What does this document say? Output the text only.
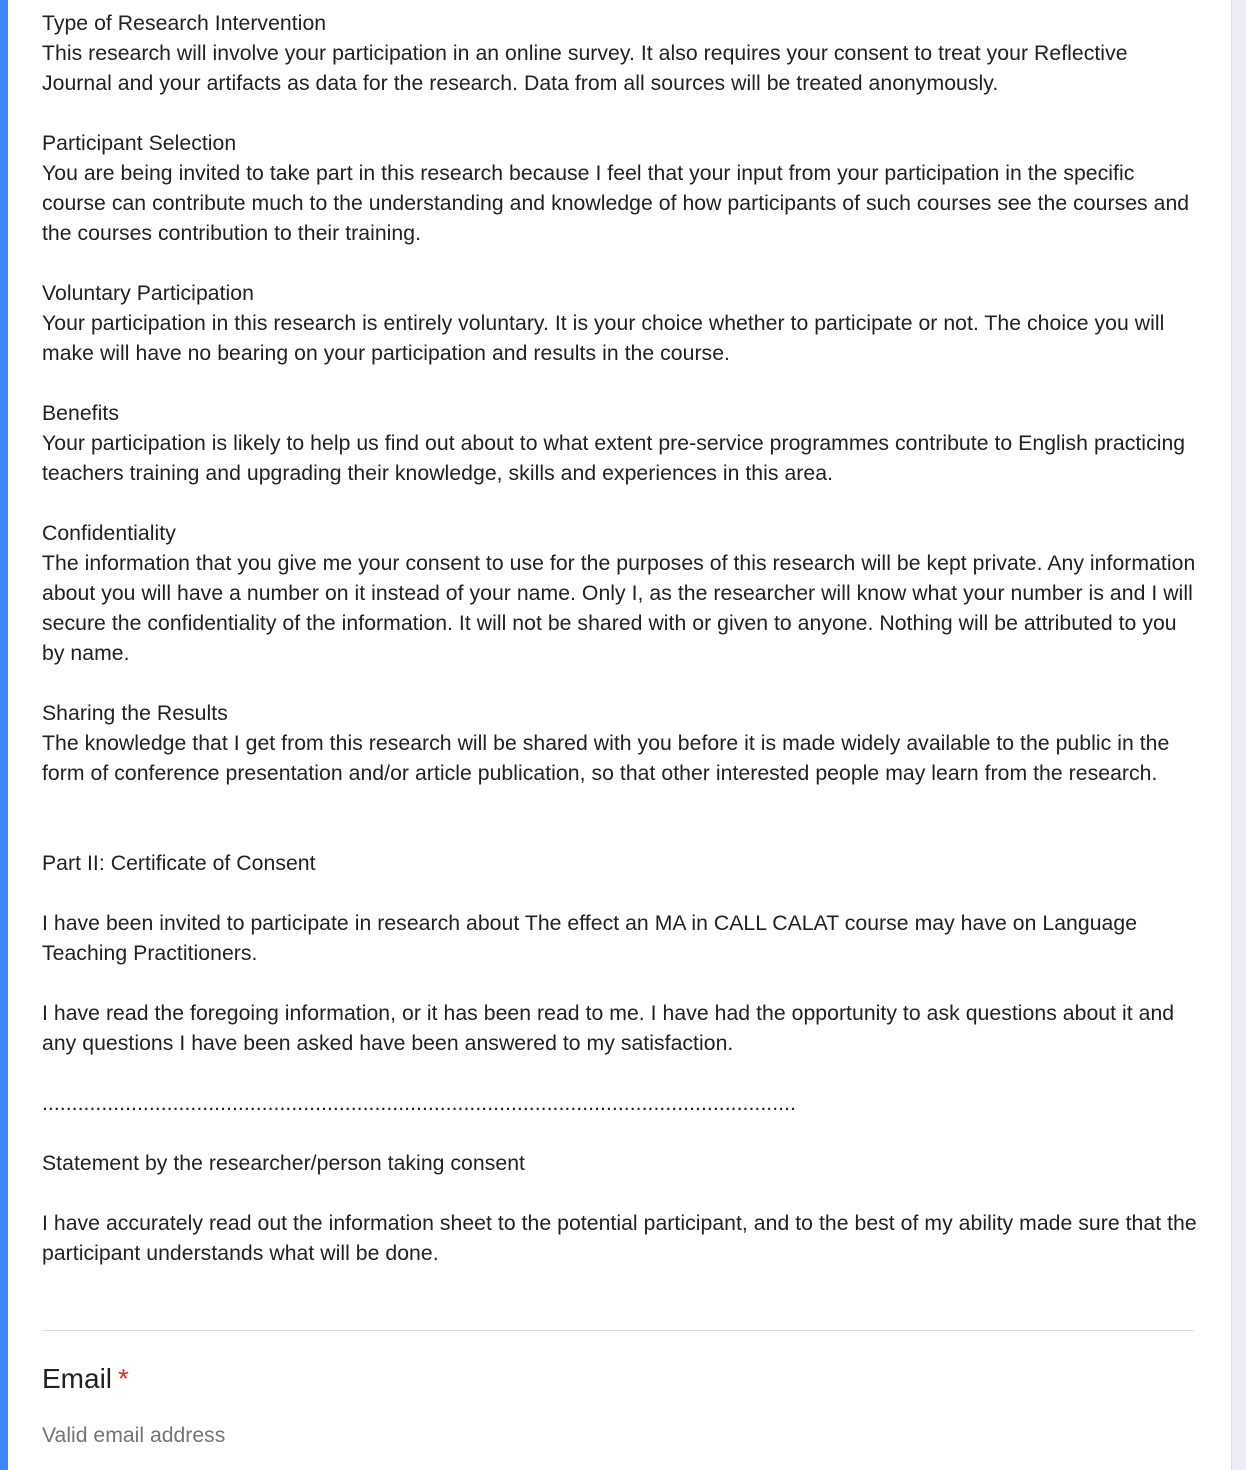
Type of Research Intervention

This research will involve your participation in an online survey. It also requires your consent to treat your Reflective Journal and your artifacts as data for the research. Data from all sources will be treated anonymously.

Participant Selection

You are being invited to take part in this research because I feel that your input from your participation in the specific course can contribute much to the understanding and knowledge of how participants of such courses see the courses and the courses contribution to their training.

Voluntary Participation

Your participation in this research is entirely voluntary. It is your choice whether to participate or not. The choice you will make will have no bearing on your participation and results in the course.

Benefits

Your participation is likely to help us find out about to what extent pre-service programmes contribute to English practicing teachers training and upgrading their knowledge, skills and experiences in this area.

Confidentiality

The information that you give me your consent to use for the purposes of this research will be kept private. Any information about you will have a number on it instead of your name. Only I, as the researcher will know what your number is and I will secure the confidentiality of the information. It will not be shared with or given to anyone. Nothing will be attributed to you by name.

Sharing the Results

The knowledge that I get from this research will be shared with you before it is made widely available to the public in the form of conference presentation and/or article publication, so that other interested people may learn from the research.

Part II: Certificate of Consent

I have been invited to participate in research about The effect an MA in CALL CALAT course may have on Language Teaching Practitioners.

I have read the foregoing information, or it has been read to me. I have had the opportunity to ask questions about it and any questions I have been asked have been answered to my satisfaction.

...............................................................................................................................
Statement by the researcher/person taking consent

I have accurately read out the information sheet to the potential participant, and to the best of my ability made sure that the participant understands what will be done.

Email *
Valid email address
